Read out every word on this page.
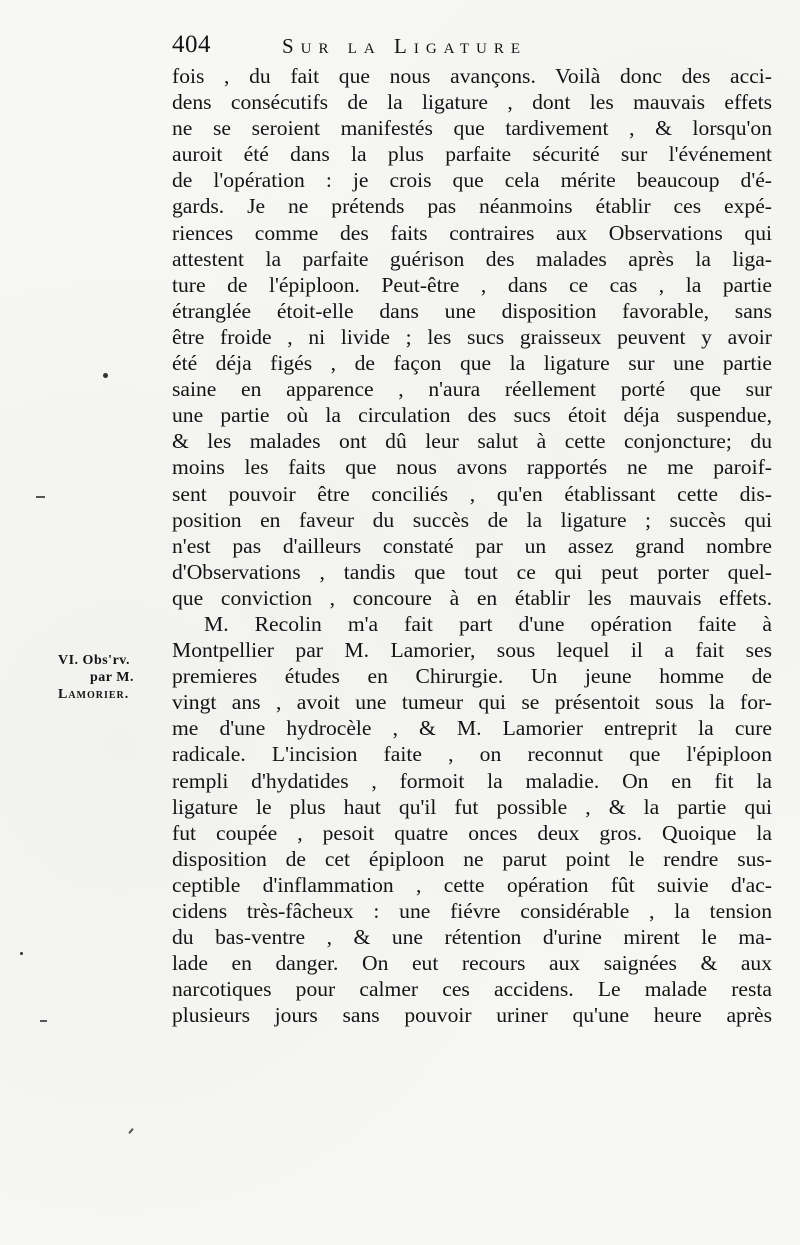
404	Sur la Ligature
VI. Obs'rv.
par M.
Lamorier.
fois , du fait que nous avançons. Voilà donc des acci-
dens consécutifs de la ligature , dont les mauvais effets
ne se seroient manifestés que tardivement , & lorsqu'on
auroit été dans la plus parfaite sécurité sur l'événement
de l'opération : je crois que cela mérite beaucoup d'é-
gards. Je ne prétends pas néanmoins établir ces expé-
riences comme des faits contraires aux Observations qui
attestent la parfaite guérison des malades après la liga-
ture de l'épiploon. Peut-être , dans ce cas , la partie
étranglée étoit-elle dans une disposition favorable, sans
être froide , ni livide ; les sucs graisseux peuvent y avoir
été déja figés , de façon que la ligature sur une partie
saine en apparence , n'aura réellement porté que sur
une partie où la circulation des sucs étoit déja suspendue,
& les malades ont dû leur salut à cette conjoncture; du
moins les faits que nous avons rapportés ne me paroif-
sent pouvoir être conciliés , qu'en établissant cette dis-
position en faveur du succès de la ligature ; succès qui
n'est pas d'ailleurs constaté par un assez grand nombre
d'Observations , tandis que tout ce qui peut porter quel-
que conviction , concoure à en établir les mauvais effets.
M. Recolin m'a fait part d'une opération faite à
Montpellier par M. Lamorier, sous lequel il a fait ses
premieres études en Chirurgie. Un jeune homme de
vingt ans , avoit une tumeur qui se présentoit sous la for-
me d'une hydrocèle , & M. Lamorier entreprit la cure
radicale. L'incision faite , on reconnut que l'épiploon
rempli d'hydatides , formoit la maladie. On en fit la
ligature le plus haut qu'il fut possible , & la partie qui
fut coupée , pesoit quatre onces deux gros. Quoique la
disposition de cet épiploon ne parut point le rendre sus-
ceptible d'inflammation , cette opération fût suivie d'ac-
cidens très-fâcheux : une fiévre considérable , la tension
du bas-ventre , & une rétention d'urine mirent le ma-
lade en danger. On eut recours aux saignées & aux
narcotiques pour calmer ces accidens. Le malade resta
plusieurs jours sans pouvoir uriner qu'une heure après
